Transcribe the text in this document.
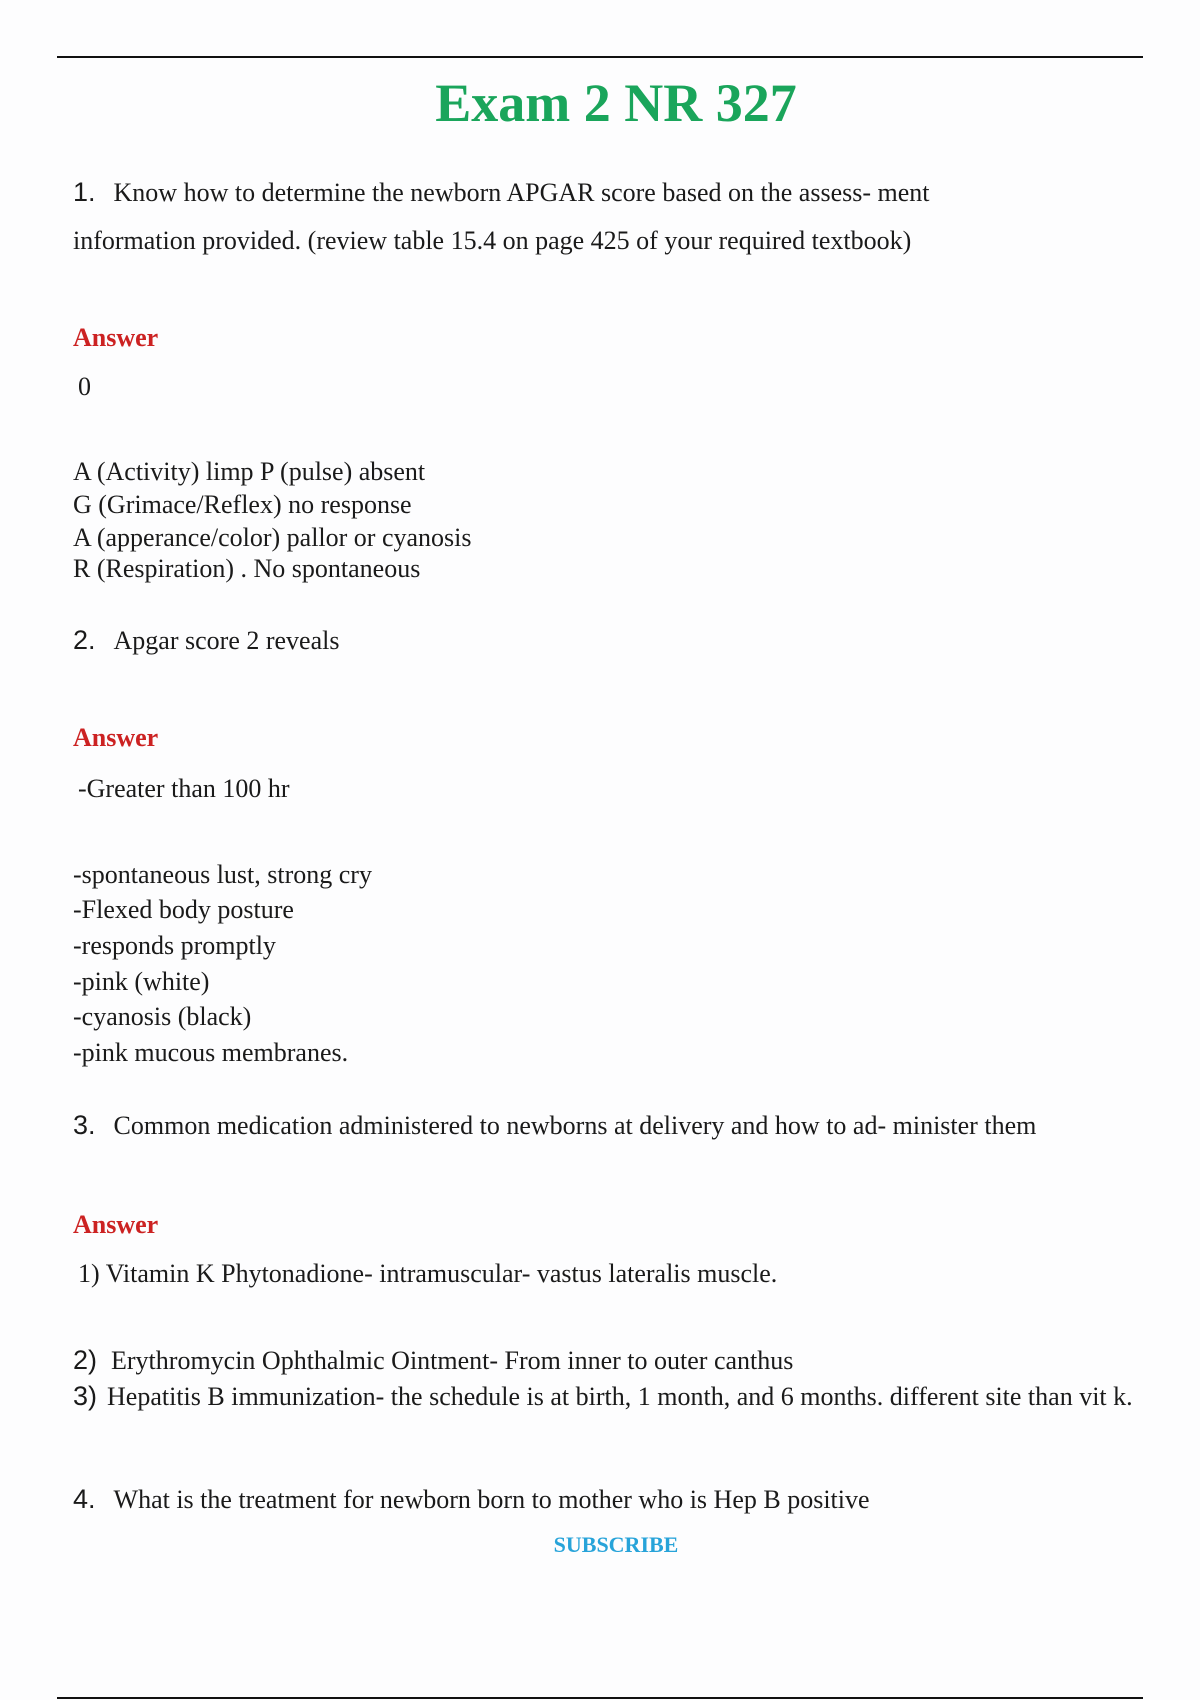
Exam 2 NR 327
1. Know how to determine the newborn APGAR score based on the assess- ment
information provided. (review table 15.4 on page 425 of your required textbook)
Answer
0
A (Activity) limp P (pulse) absent
G (Grimace/Reflex) no response
A (apperance/color) pallor or cyanosis
R (Respiration) . No spontaneous
2. Apgar score 2 reveals
Answer
-Greater than 100 hr
-spontaneous lust, strong cry
-Flexed body posture
-responds promptly
-pink (white)
-cyanosis (black)
-pink mucous membranes.
3. Common medication administered to newborns at delivery and how to ad- minister them
Answer
1) Vitamin K Phytonadione- intramuscular- vastus lateralis muscle.
2) Erythromycin Ophthalmic Ointment- From inner to outer canthus
3) Hepatitis B immunization- the schedule is at birth, 1 month, and 6 months. different site than vit k.
4. What is the treatment for newborn born to mother who is Hep B positive
SUBSCRIBE
